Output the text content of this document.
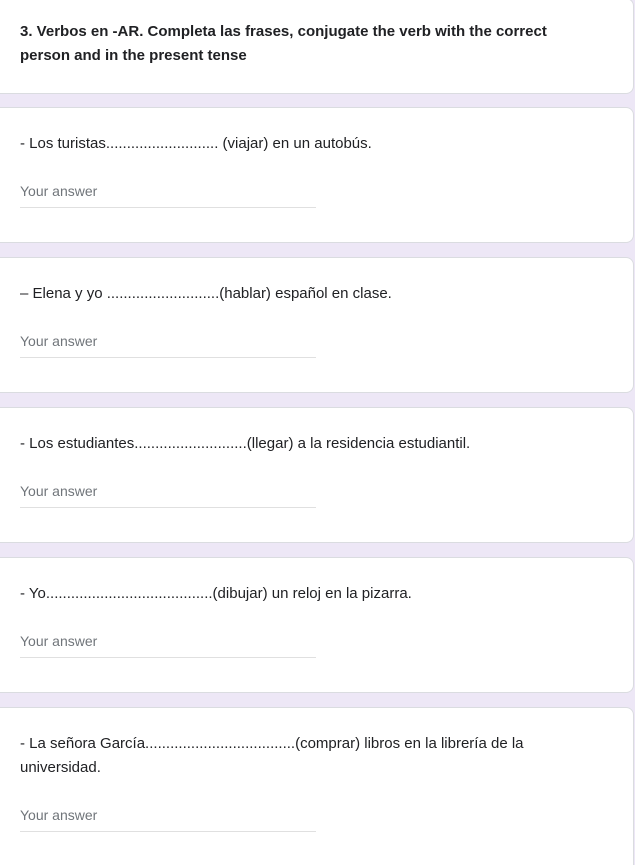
3. Verbos en -AR. Completa las frases, conjugate the verb with the correct person and in the present tense

- Los turistas........................... (viajar) en un autobús.

Your answer

– Elena y yo ...........................(hablar) español en clase.

Your answer

- Los estudiantes...........................(llegar) a la residencia estudiantil.

Your answer

- Yo........................................(dibujar) un reloj en la pizarra.

Your answer

- La señora García....................................(comprar) libros en la librería de la universidad.

Your answer
